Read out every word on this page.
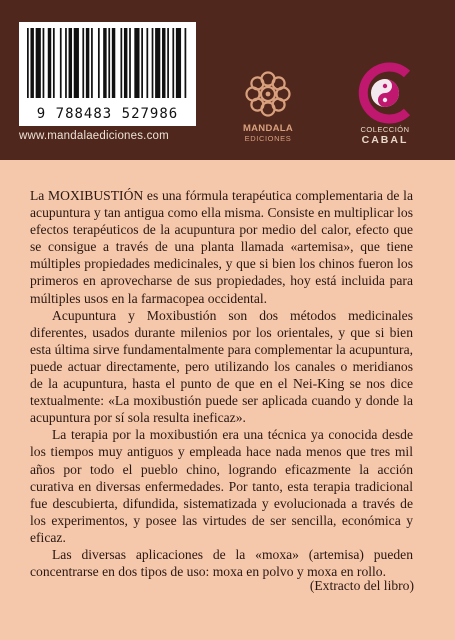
9 788483 527986
www.mandalaediciones.com
MANDALA
EDICIONES
COLECCIÓN
CABAL

La MOXIBUSTIÓN es una fórmula terapéutica complementaria de la acupuntura y tan antigua como ella misma. Consiste en multiplicar los efectos terapéuticos de la acupuntura por medio del calor, efecto que se consigue a través de una planta llamada «artemisa», que tiene múltiples propiedades medicinales, y que si bien los chinos fueron los primeros en aprovecharse de sus propiedades, hoy está incluida para múltiples usos en la farmacopea occidental.

Acupuntura y Moxibustión son dos métodos medicinales diferentes, usados durante milenios por los orientales, y que si bien esta última sirve fundamentalmente para complementar la acupuntura, puede actuar directamente, pero utilizando los canales o meridianos de la acupuntura, hasta el punto de que en el Nei-King se nos dice textualmente: «La moxibustión puede ser aplicada cuando y donde la acupuntura por sí sola resulta ineficaz».

La terapia por la moxibustión era una técnica ya conocida desde los tiempos muy antiguos y empleada hace nada menos que tres mil años por todo el pueblo chino, logrando eficazmente la acción curativa en diversas enfermedades. Por tanto, esta terapia tradicional fue descubierta, difundida, sistematizada y evolucionada a través de los experimentos, y posee las virtudes de ser sencilla, económica y eficaz.

Las diversas aplicaciones de la «moxa» (artemisa) pueden concentrarse en dos tipos de uso: moxa en polvo y moxa en rollo.

(Extracto del libro)
